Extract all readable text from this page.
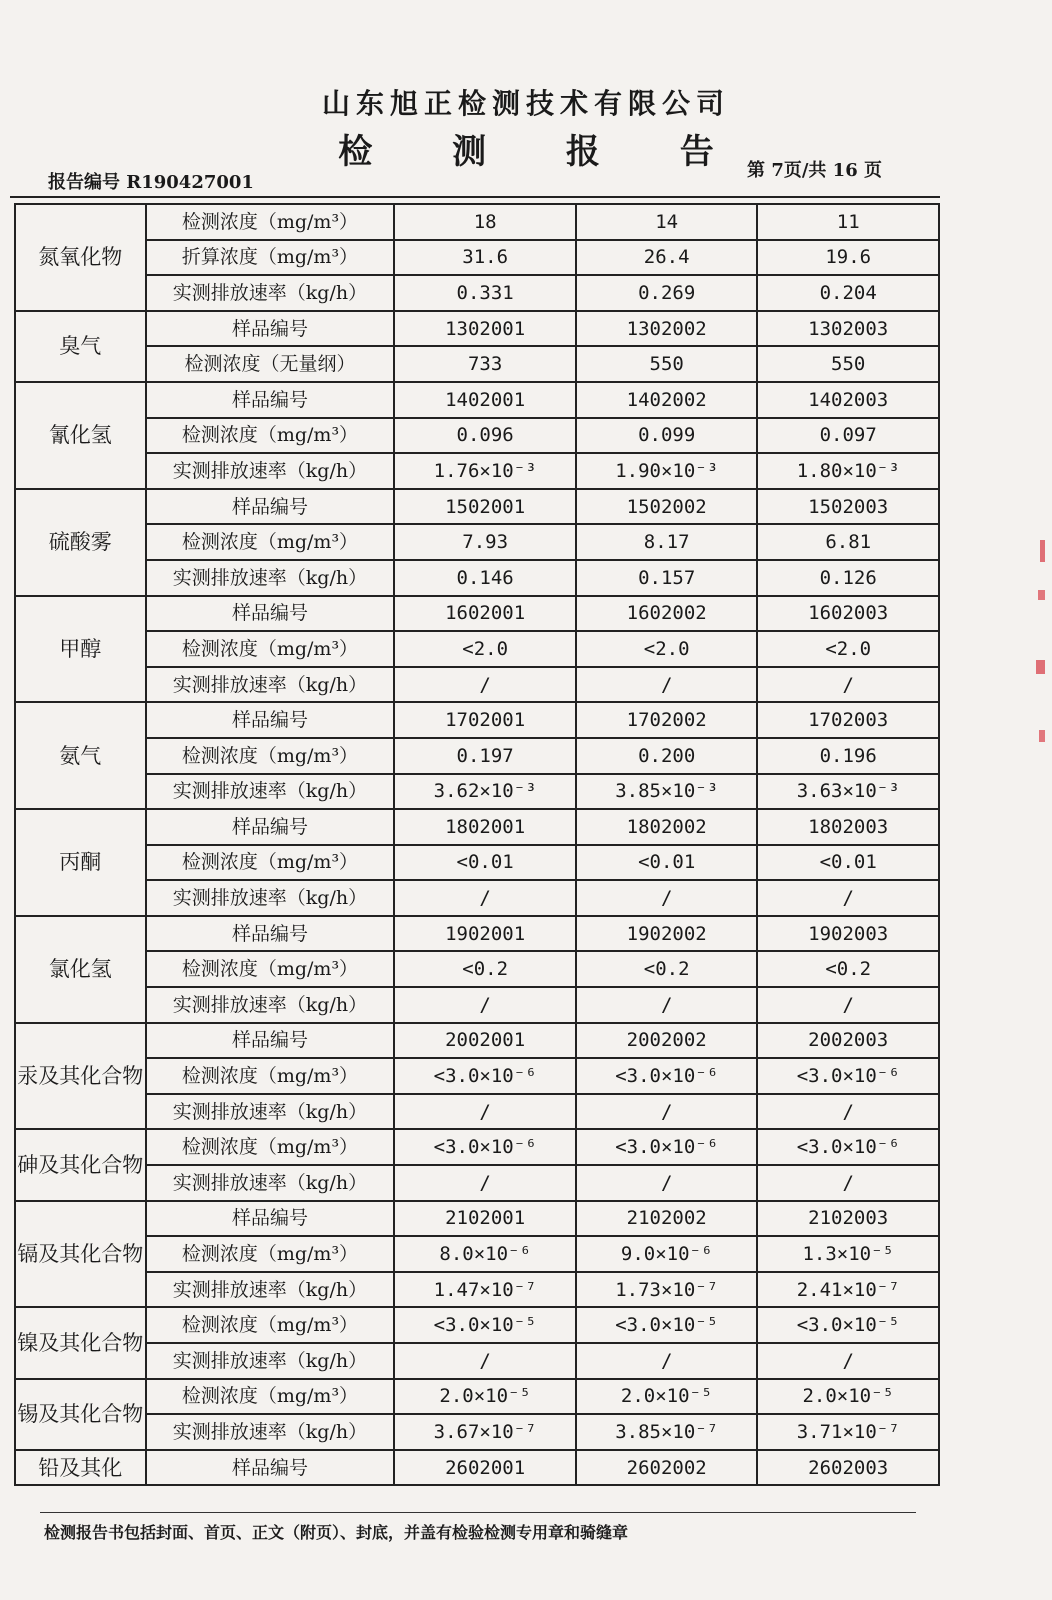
山东旭正检测技术有限公司
检 测 报 告
报告编号 R190427001
第 7页/共 16 页
氮氧化物	检测浓度（mg/m³）	18	14	11
	折算浓度（mg/m³）	31.6	26.4	19.6
	实测排放速率（kg/h）	0.331	0.269	0.204
臭气	样品编号	1302001	1302002	1302003
	检测浓度（无量纲）	733	550	550
氰化氢	样品编号	1402001	1402002	1402003
	检测浓度（mg/m³）	0.096	0.099	0.097
	实测排放速率（kg/h）	1.76×10⁻³	1.90×10⁻³	1.80×10⁻³
硫酸雾	样品编号	1502001	1502002	1502003
	检测浓度（mg/m³）	7.93	8.17	6.81
	实测排放速率（kg/h）	0.146	0.157	0.126
甲醇	样品编号	1602001	1602002	1602003
	检测浓度（mg/m³）	<2.0	<2.0	<2.0
	实测排放速率（kg/h）	/	/	/
氨气	样品编号	1702001	1702002	1702003
	检测浓度（mg/m³）	0.197	0.200	0.196
	实测排放速率（kg/h）	3.62×10⁻³	3.85×10⁻³	3.63×10⁻³
丙酮	样品编号	1802001	1802002	1802003
	检测浓度（mg/m³）	<0.01	<0.01	<0.01
	实测排放速率（kg/h）	/	/	/
氯化氢	样品编号	1902001	1902002	1902003
	检测浓度（mg/m³）	<0.2	<0.2	<0.2
	实测排放速率（kg/h）	/	/	/
汞及其化合物	样品编号	2002001	2002002	2002003
	检测浓度（mg/m³）	<3.0×10⁻⁶	<3.0×10⁻⁶	<3.0×10⁻⁶
	实测排放速率（kg/h）	/	/	/
砷及其化合物	检测浓度（mg/m³）	<3.0×10⁻⁶	<3.0×10⁻⁶	<3.0×10⁻⁶
	实测排放速率（kg/h）	/	/	/
镉及其化合物	样品编号	2102001	2102002	2102003
	检测浓度（mg/m³）	8.0×10⁻⁶	9.0×10⁻⁶	1.3×10⁻⁵
	实测排放速率（kg/h）	1.47×10⁻⁷	1.73×10⁻⁷	2.41×10⁻⁷
镍及其化合物	检测浓度（mg/m³）	<3.0×10⁻⁵	<3.0×10⁻⁵	<3.0×10⁻⁵
	实测排放速率（kg/h）	/	/	/
锡及其化合物	检测浓度（mg/m³）	2.0×10⁻⁵	2.0×10⁻⁵	2.0×10⁻⁵
	实测排放速率（kg/h）	3.67×10⁻⁷	3.85×10⁻⁷	3.71×10⁻⁷
铅及其化	样品编号	2602001	2602002	2602003
检测报告书包括封面、首页、正文（附页）、封底，并盖有检验检测专用章和骑缝章
